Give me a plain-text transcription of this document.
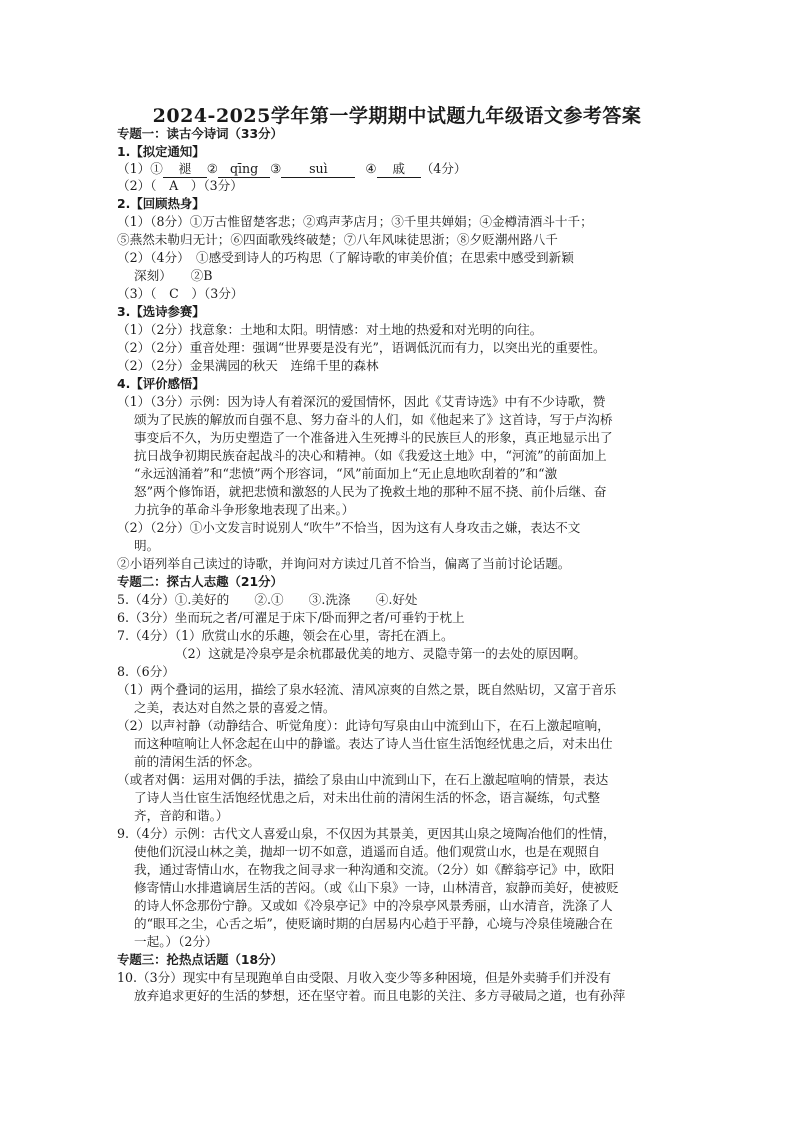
2024-2025学年第一学期期中试题九年级语文参考答案
专题一：读古今诗词（33分）
1.【拟定通知】
（1）① 褪 ② qīng ③ suì	④ 戚 （4分）
（2）（　A　）（3分）
2.【回顾热身】
（1）（8分）①万古惟留楚客悲；②鸡声茅店月；③千里共婵娟；④金樽清酒斗十千；
⑤燕然未勒归无计；⑥四面歌残终破楚；⑦八年风味徒思浙；⑧夕贬潮州路八千
（2）（4分）　①感受到诗人的巧构思（了解诗歌的审美价值；在思索中感受到新颖
深刻）　　②B
（3）（　C　）（3分）
3.【选诗参赛】
（1）（2分）找意象：土地和太阳。明情感：对土地的热爱和对光明的向往。
（2）（2分）重音处理：强调“世界要是没有光”，语调低沉而有力，以突出光的重要性。
（2）（2分）金果满园的秋天　连绵千里的森林
4.【评价感悟】
（1）（3分）示例：因为诗人有着深沉的爱国情怀，因此《艾青诗选》中有不少诗歌，赞
颂为了民族的解放而自强不息、努力奋斗的人们，如《他起来了》这首诗，写于卢沟桥
事变后不久，为历史塑造了一个准备进入生死搏斗的民族巨人的形象，真正地显示出了
抗日战争初期民族奋起战斗的决心和精神。（如《我爱这土地》中，“河流”的前面加上
“永远汹涌着”和“悲愤”两个形容词，“风”前面加上“无止息地吹刮着的”和“激
怒”两个修饰语，就把悲愤和激怒的人民为了挽救土地的那种不屈不挠、前仆后继、奋
力抗争的革命斗争形象地表现了出来。）
（2）（2分）①小文发言时说别人“吹牛”不恰当，因为这有人身攻击之嫌，表达不文
明。
②小语列举自己读过的诗歌，并询问对方读过几首不恰当，偏离了当前讨论话题。
专题二：探古人志趣（21分）
5.（4分）①.美好的　　②.①　　③.洗涤　　④.好处
6.（3分）坐而玩之者/可濯足于床下/卧而狎之者/可垂钓于枕上
7.（4分）（1）欣赏山水的乐趣，领会在心里，寄托在酒上。
（2）这就是冷泉亭是余杭郡最优美的地方、灵隐寺第一的去处的原因啊。
8.（6分）
（1）两个叠词的运用，描绘了泉水轻流、清风凉爽的自然之景，既自然贴切，又富于音乐
之美，表达对自然之景的喜爱之情。
（2）以声衬静（动静结合、听觉角度）：此诗句写泉由山中流到山下，在石上激起喧响，
而这种喧响让人怀念起在山中的静谧。表达了诗人当仕宦生活饱经忧患之后，对未出仕
前的清闲生活的怀念。
（或者对偶：运用对偶的手法，描绘了泉由山中流到山下，在石上激起喧响的情景，表达
了诗人当仕宦生活饱经忧患之后，对未出仕前的清闲生活的怀念，语言凝练，句式整
齐，音韵和谐。）
9.（4分）示例：古代文人喜爱山泉，不仅因为其景美，更因其山泉之境陶冶他们的性情，
使他们沉浸山林之美，抛却一切不如意，逍遥而自适。他们观赏山水，也是在观照自
我，通过寄情山水，在物我之间寻求一种沟通和交流。（2分）如《醉翁亭记》中，欧阳
修寄情山水排遣谪居生活的苦闷。（或《山下泉》一诗，山林清音，寂静而美好，使被贬
的诗人怀念那份宁静。又或如《冷泉亭记》中的冷泉亭风景秀丽，山水清音，洗涤了人
的“眼耳之尘，心舌之垢”，使贬谪时期的白居易内心趋于平静，心境与冷泉佳境融合在
一起。）（2分）
专题三：抡热点话题（18分）
10.（3分）现实中有呈现跑单自由受限、月收入变少等多种困境，但是外卖骑手们并没有
放弃追求更好的生活的梦想，还在坚守着。而且电影的关注、多方寻破局之道，也有孙萍
